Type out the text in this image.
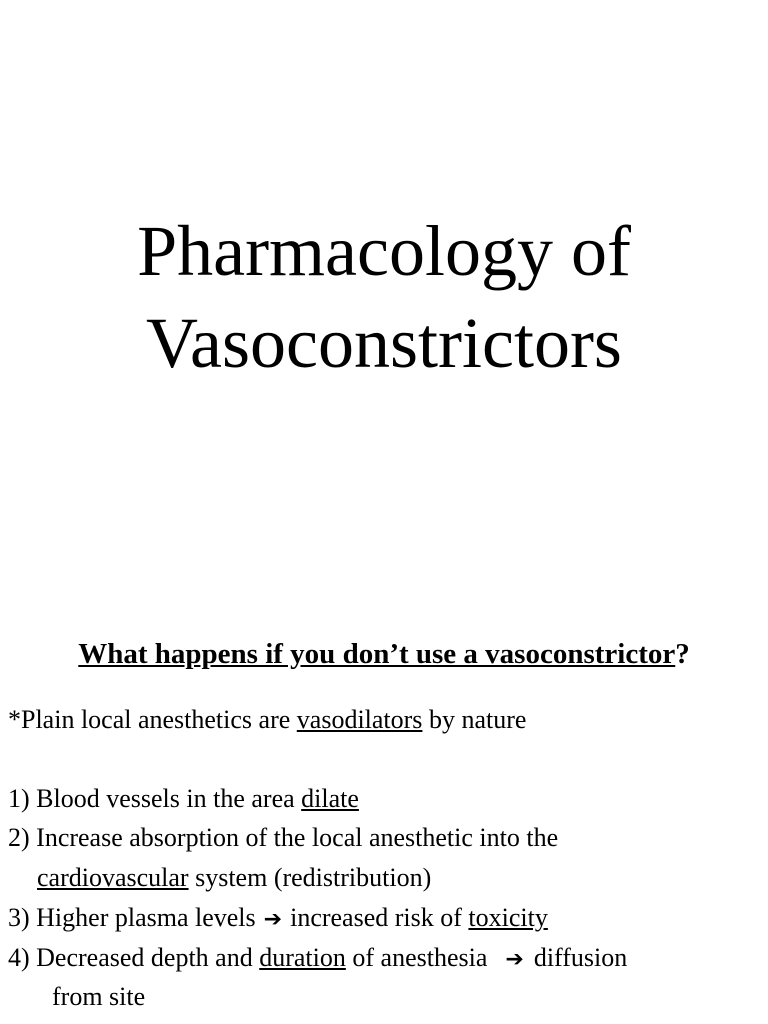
Pharmacology of
Vasoconstrictors
What happens if you don’t use a vasoconstrictor?
*Plain local anesthetics are vasodilators by nature
1) Blood vessels in the area dilate
2) Increase absorption of the local anesthetic into the
cardiovascular system (redistribution)
3) Higher plasma levels ➔ increased risk of toxicity
4) Decreased depth and duration of anesthesia ➔ diffusion
from site
